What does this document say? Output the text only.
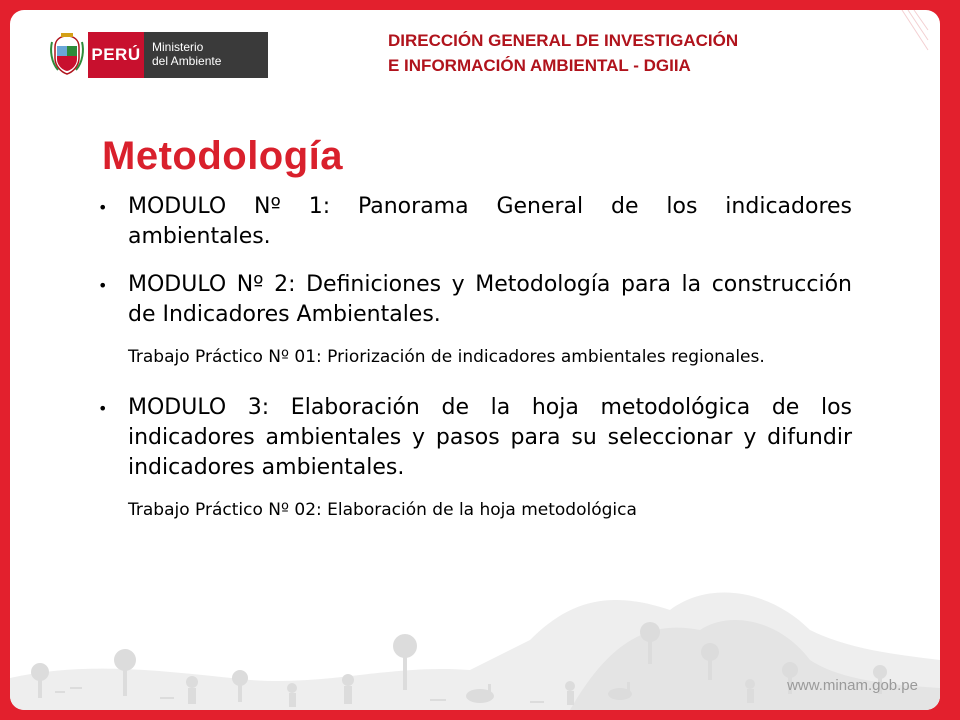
PERÚ Ministerio
del Ambiente
DIRECCIÓN GENERAL DE INVESTIGACIÓN
E INFORMACIÓN AMBIENTAL - DGIIA
Metodología
• MODULO Nº 1: Panorama General de los indicadores ambientales.
• MODULO Nº 2: Definiciones y Metodología para la construcción de Indicadores Ambientales.
Trabajo Práctico Nº 01: Priorización de indicadores ambientales regionales.
• MODULO 3: Elaboración de la hoja metodológica de los indicadores ambientales y pasos para su seleccionar y difundir indicadores ambientales.
Trabajo Práctico Nº 02: Elaboración de la hoja metodológica
www.minam.gob.pe
